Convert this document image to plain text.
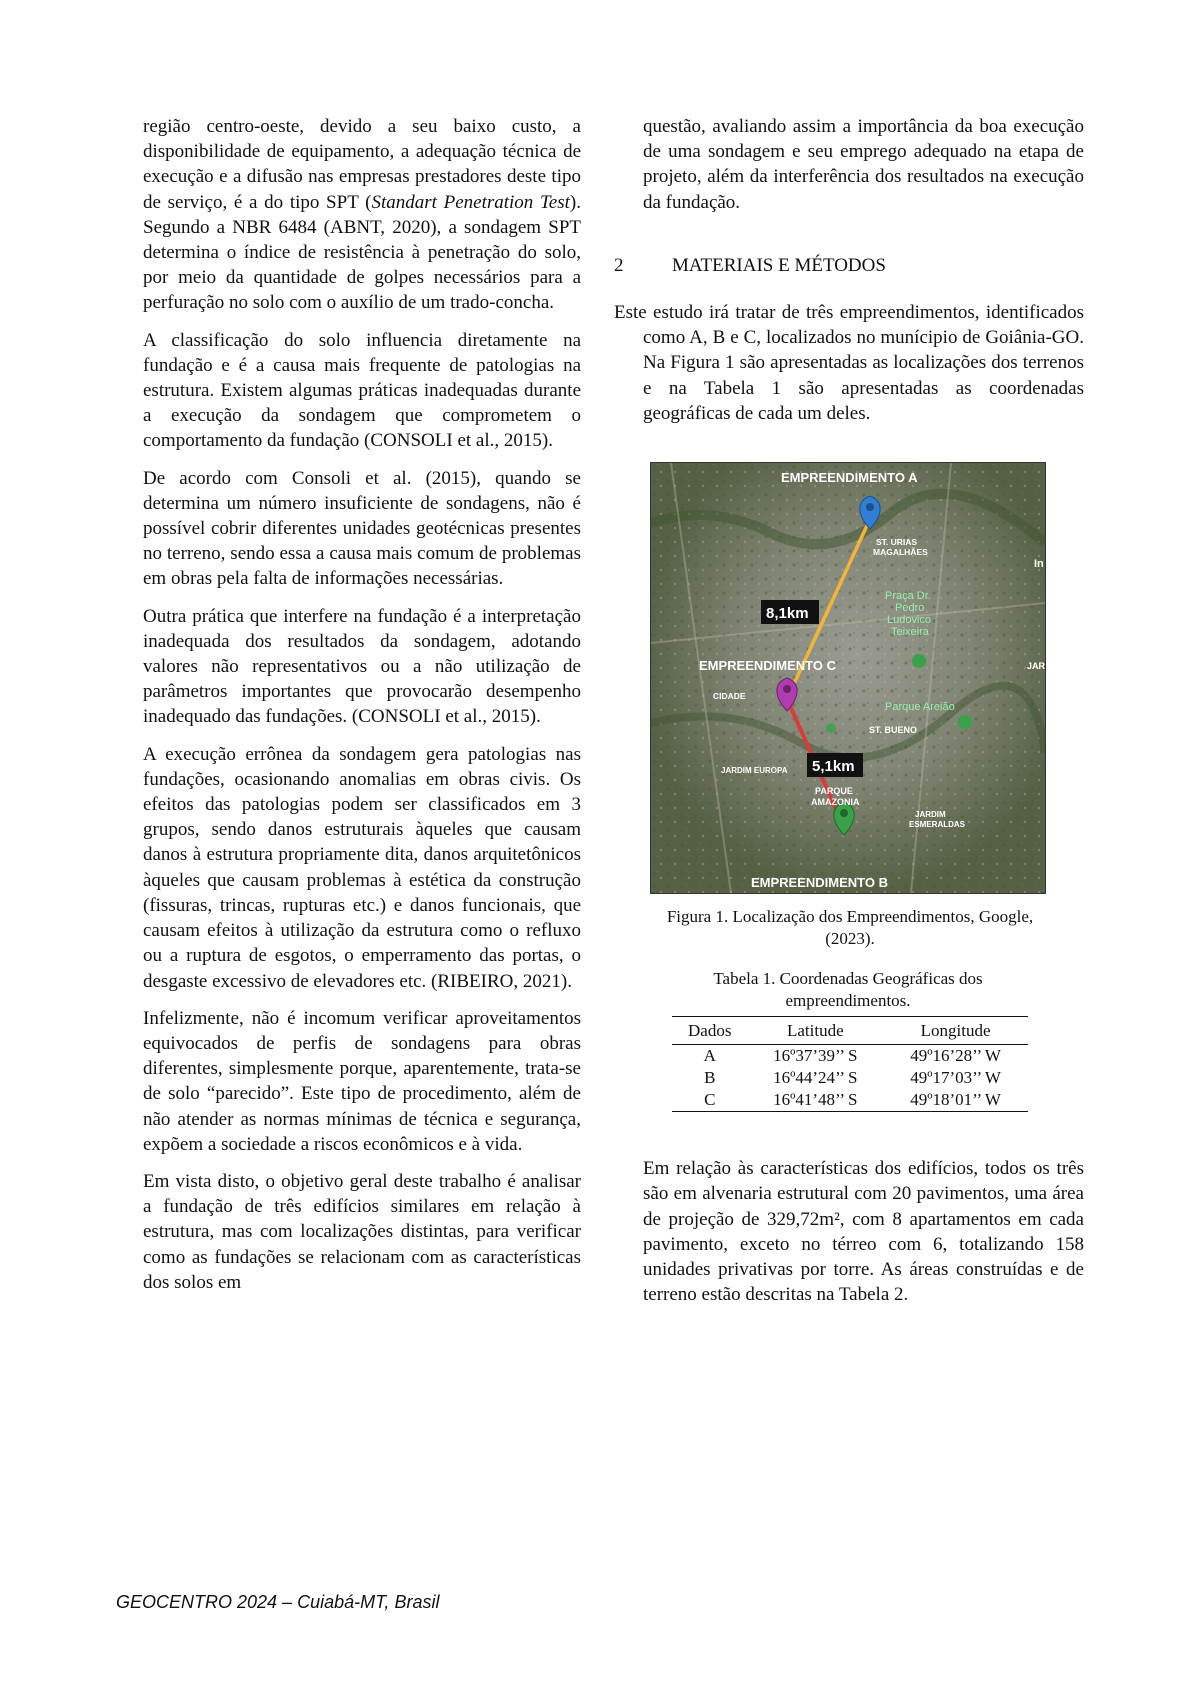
região centro-oeste, devido a seu baixo custo, a disponibilidade de equipamento, a adequação técnica de execução e a difusão nas empresas prestadores deste tipo de serviço, é a do tipo SPT (Standart Penetration Test). Segundo a NBR 6484 (ABNT, 2020), a sondagem SPT determina o índice de resistência à penetração do solo, por meio da quantidade de golpes necessários para a perfuração no solo com o auxílio de um trado-concha.

A classificação do solo influencia diretamente na fundação e é a causa mais frequente de patologias na estrutura. Existem algumas práticas inadequadas durante a execução da sondagem que comprometem o comportamento da fundação (CONSOLI et al., 2015).

De acordo com Consoli et al. (2015), quando se determina um número insuficiente de sondagens, não é possível cobrir diferentes unidades geotécnicas presentes no terreno, sendo essa a causa mais comum de problemas em obras pela falta de informações necessárias.

Outra prática que interfere na fundação é a interpretação inadequada dos resultados da sondagem, adotando valores não representativos ou a não utilização de parâmetros importantes que provocarão desempenho inadequado das fundações. (CONSOLI et al., 2015).

A execução errônea da sondagem gera patologias nas fundações, ocasionando anomalias em obras civis. Os efeitos das patologias podem ser classificados em 3 grupos, sendo danos estruturais àqueles que causam danos à estrutura propriamente dita, danos arquitetônicos àqueles que causam problemas à estética da construção (fissuras, trincas, rupturas etc.) e danos funcionais, que causam efeitos à utilização da estrutura como o refluxo ou a ruptura de esgotos, o emperramento das portas, o desgaste excessivo de elevadores etc. (RIBEIRO, 2021).

Infelizmente, não é incomum verificar aproveitamentos equivocados de perfis de sondagens para obras diferentes, simplesmente porque, aparentemente, trata-se de solo “parecido”. Este tipo de procedimento, além de não atender as normas mínimas de técnica e segurança, expõem a sociedade a riscos econômicos e à vida.

Em vista disto, o objetivo geral deste trabalho é analisar a fundação de três edifícios similares em relação à estrutura, mas com localizações distintas, para verificar como as fundações se relacionam com as características dos solos em

questão, avaliando assim a importância da boa execução de uma sondagem e seu emprego adequado na etapa de projeto, além da interferência dos resultados na execução da fundação.

2	MATERIAIS E MÉTODOS

Este estudo irá tratar de três empreendimentos, identificados como A, B e C, localizados no munícipio de Goiânia-GO. Na Figura 1 são apresentadas as localizações dos terrenos e na Tabela 1 são apresentadas as coordenadas geográficas de cada um deles.

EMPREENDIMENTO A
EMPREENDIMENTO B
EMPREENDIMENTO C
ST. URIAS
MAGALHÃES
In
JAR
Praça Dr.
Pedro
Ludovico
Teixeira
Parque Areião
ST. BUENO
CIDADE
JARDIM EUROPA
PARQUE
AMAZONIA
JARDIM
ESMERALDAS
8,1km
5,1km
Figura 1. Localização dos Empreendimentos, Google, (2023).
Tabela 1. Coordenadas Geográficas dos empreendimentos.
Dados	Latitude	Longitude
A	16º37’39’’ S	49º16’28’’ W
B	16º44’24’’ S	49º17’03’’ W
C	16º41’48’’ S	49º18’01’’ W

Em relação às características dos edifícios, todos os três são em alvenaria estrutural com 20 pavimentos, uma área de projeção de 329,72m², com 8 apartamentos em cada pavimento, exceto no térreo com 6, totalizando 158 unidades privativas por torre. As áreas construídas e de terreno estão descritas na Tabela 2.

GEOCENTRO 2024 – Cuiabá-MT, Brasil
